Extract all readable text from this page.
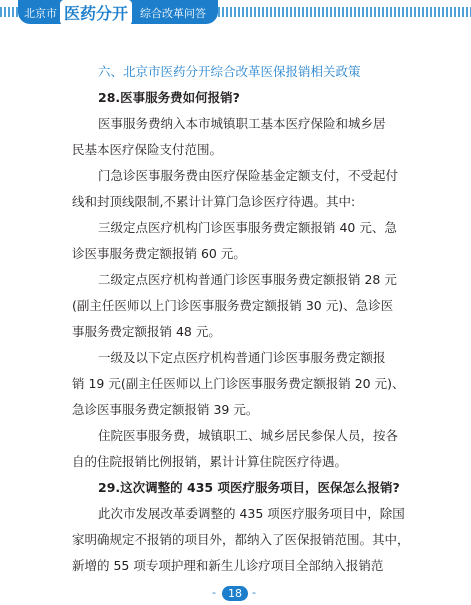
北京市 医药分开	综合改革问答
六、北京市医药分开综合改革医保报销相关政策
28.医事服务费如何报销?
医事服务费纳入本市城镇职工基本医疗保险和城乡居
民基本医疗保险支付范围。
门急诊医事服务费由医疗保险基金定额支付，不受起付
线和封顶线限制,不累计计算门急诊医疗待遇。其中:
三级定点医疗机构门诊医事服务费定额报销 40 元、急
诊医事服务费定额报销 60 元。
二级定点医疗机构普通门诊医事服务费定额报销 28 元
(副主任医师以上门诊医事服务费定额报销 30 元)、急诊医
事服务费定额报销 48 元。
一级及以下定点医疗机构普通门诊医事服务费定额报
销 19 元(副主任医师以上门诊医事服务费定额报销 20 元)、
急诊医事服务费定额报销 39 元。
住院医事服务费，城镇职工、城乡居民参保人员，按各
自的住院报销比例报销，累计计算住院医疗待遇。
29.这次调整的 435 项医疗服务项目，医保怎么报销?
此次市发展改革委调整的 435 项医疗服务项目中，除国
家明确规定不报销的项目外，都纳入了医保报销范围。其中，
新增的 55 项专项护理和新生儿诊疗项目全部纳入报销范
-	18 -
